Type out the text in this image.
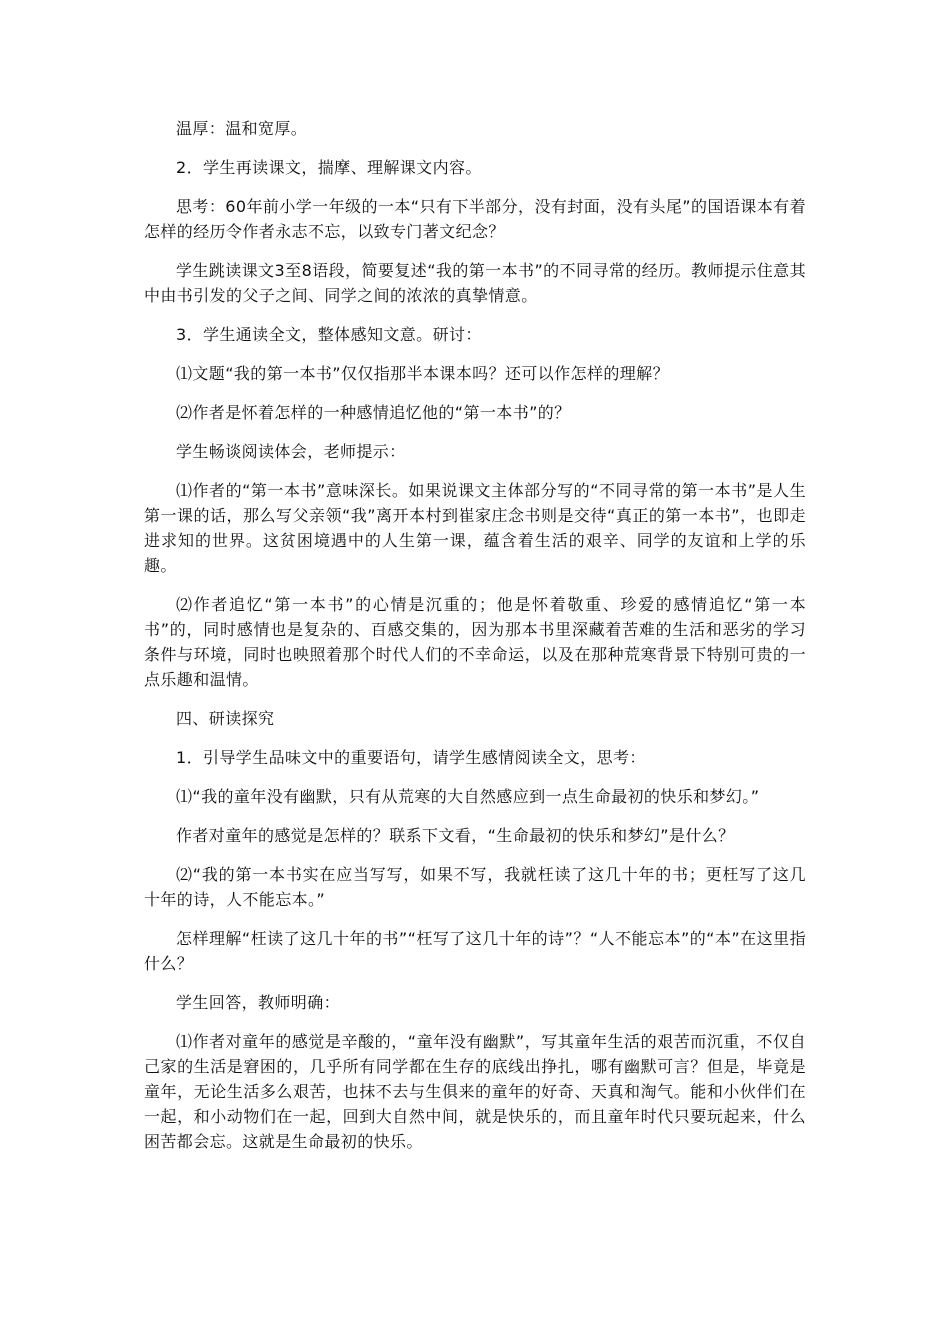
温厚：温和宽厚。

2．学生再读课文，揣摩、理解课文内容。

思考：60年前小学一年级的一本“只有下半部分，没有封面，没有头尾”的国语课本有着怎样的经历令作者永志不忘，以致专门著文纪念？

学生跳读课文3至8语段，简要复述“我的第一本书”的不同寻常的经历。教师提示住意其中由书引发的父子之间、同学之间的浓浓的真挚情意。

3．学生通读全文，整体感知文意。研讨：

⑴文题“我的第一本书”仅仅指那半本课本吗？还可以作怎样的理解？

⑵作者是怀着怎样的一种感情追忆他的“第一本书”的？

学生畅谈阅读体会，老师提示：

⑴作者的“第一本书”意味深长。如果说课文主体部分写的“不同寻常的第一本书”是人生第一课的话，那么写父亲领“我”离开本村到崔家庄念书则是交待“真正的第一本书”，也即走进求知的世界。这贫困境遇中的人生第一课，蕴含着生活的艰辛、同学的友谊和上学的乐趣。

⑵作者追忆“第一本书”的心情是沉重的；他是怀着敬重、珍爱的感情追忆“第一本书”的，同时感情也是复杂的、百感交集的，因为那本书里深藏着苦难的生活和恶劣的学习条件与环境，同时也映照着那个时代人们的不幸命运，以及在那种荒寒背景下特别可贵的一点乐趣和温情。

四、研读探究

1．引导学生品味文中的重要语句，请学生感情阅读全文，思考：

⑴“我的童年没有幽默，只有从荒寒的大自然感应到一点生命最初的快乐和梦幻。”

作者对童年的感觉是怎样的？联系下文看，“生命最初的快乐和梦幻”是什么？

⑵“我的第一本书实在应当写写，如果不写，我就枉读了这几十年的书；更枉写了这几十年的诗，人不能忘本。”

怎样理解“枉读了这几十年的书”“枉写了这几十年的诗”？“人不能忘本”的“本”在这里指什么？

学生回答，教师明确：

⑴作者对童年的感觉是辛酸的，“童年没有幽默”，写其童年生活的艰苦而沉重，不仅自己家的生活是窘困的，几乎所有同学都在生存的底线出挣扎，哪有幽默可言？但是，毕竟是童年，无论生活多么艰苦，也抹不去与生俱来的童年的好奇、天真和淘气。能和小伙伴们在一起，和小动物们在一起，回到大自然中间，就是快乐的，而且童年时代只要玩起来，什么困苦都会忘。这就是生命最初的快乐。
